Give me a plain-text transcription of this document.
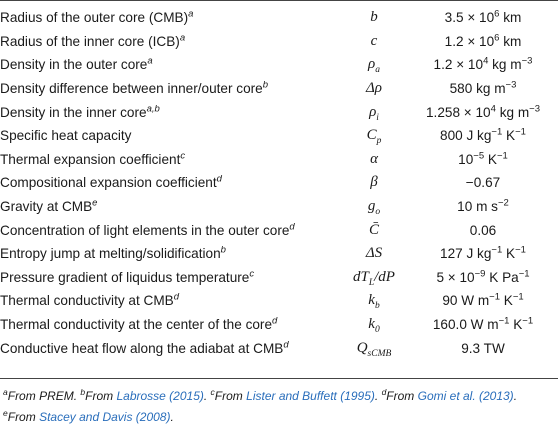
Radius of the outer core (CMB)$^a$	b	$3.5 \times 10^6$ km
Radius of the inner core (ICB)$^a$	c	$1.2 \times 10^6$ km
Density in the outer core$^a$	$\rho_a$	$1.2 \times 10^4$ kg $m^{-3}$
Density difference between inner/outer core$^b$	Δρ	580 kg $m^{-3}$
Density in the inner core$^{a,b}$	$\rho_i$	$1.258 \times 10^4$ kg $m^{-3}$
Specific heat capacity	$C_p$	800 J $kg^{-1}$ $K^{-1}$
Thermal expansion coefficient$^c$	α	$10^{-5}$ $K^{-1}$
Compositional expansion coefficient$^d$	β	−0.67
Gravity at CMB$^e$	$g_o$	10 m $s^{-2}$
Concentration of light elements in the outer core$^d$	C̄	0.06
Entropy jump at melting/solidification$^b$	ΔS	127 J $kg^{-1}$ $K^{-1}$
Pressure gradient of liquidus temperature$^c$	$dT_L/dP$	$5 \times 10^{-9}$ K $Pa^{-1}$
Thermal conductivity at CMB$^d$	$k_b$	90 W $m^{-1}$ $K^{-1}$
Thermal conductivity at the center of the core$^d$	$k_0$	160.0 W $m^{-1}$ $K^{-1}$
Conductive heat flow along the adiabat at CMB$^d$	$Q_{sCMB}$	9.3 TW
$^a$From PREM. $^b$From Labrosse (2015). $^c$From Lister and Buffett (1995). $^d$From Gomi et al. (2013). $^e$From Stacey and Davis (2008).
